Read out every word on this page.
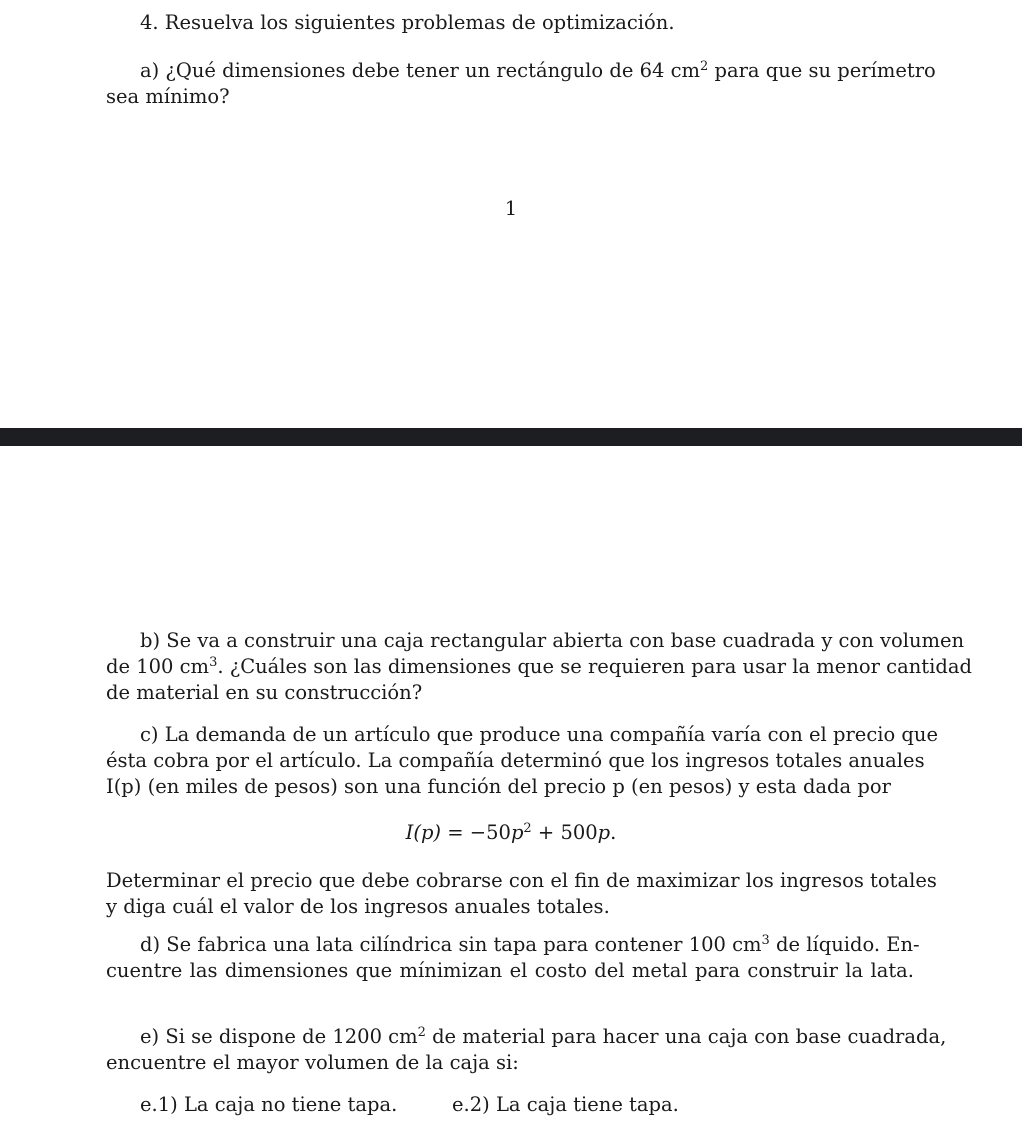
4. Resuelva los siguientes problemas de optimización.
a) ¿Qué dimensiones debe tener un rectángulo de 64 $cm^2$ para que su perímetro
sea mínimo?
1
b) Se va a construir una caja rectangular abierta con base cuadrada y con volumen
de 100 $cm^3$. ¿Cuáles son las dimensiones que se requieren para usar la menor cantidad
de material en su construcción?
c) La demanda de un artículo que produce una compañía varía con el precio que
ésta cobra por el artículo. La compañía determinó que los ingresos totales anuales
I(p) (en miles de pesos) son una función del precio p (en pesos) y esta dada por
$I(p) = -50p^2 + 500p$.
Determinar el precio que debe cobrarse con el fin de maximizar los ingresos totales
y diga cuál el valor de los ingresos anuales totales.
d) Se fabrica una lata cilíndrica sin tapa para contener 100 $cm^3$ de líquido. En-
cuentre las dimensiones que mínimizan el costo del metal para construir la lata.
e) Si se dispone de 1200 $cm^2$ de material para hacer una caja con base cuadrada,
encuentre el mayor volumen de la caja si:
e.1) La caja no tiene tapa.	e.2) La caja tiene tapa.
